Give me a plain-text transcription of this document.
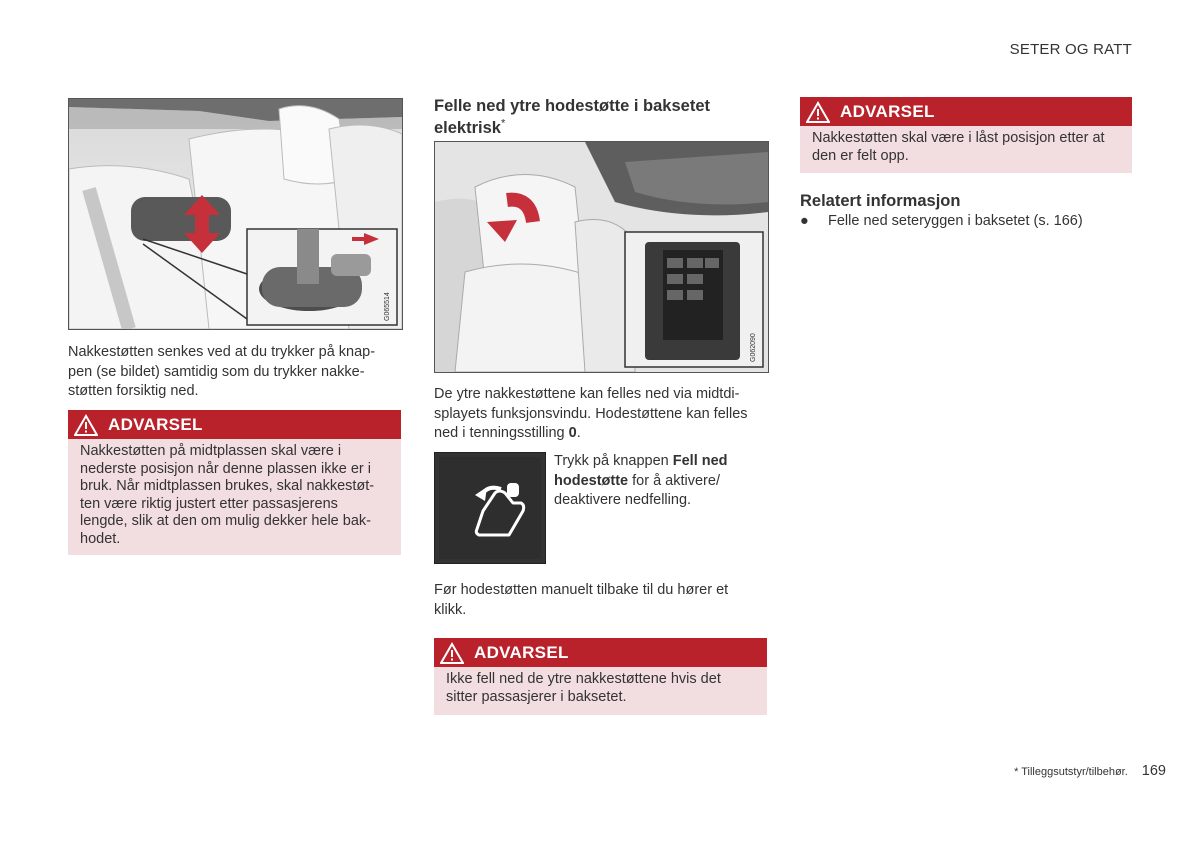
SETER OG RATT
G065514

Nakkestøtten senkes ved at du trykker på knap-

pen (se bildet) samtidig som du trykker nakke-

støtten forsiktig ned.

ADVARSEL
Nakkestøtten på midtplassen skal være i
nederste posisjon når denne plassen ikke er i
bruk. Når midtplassen brukes, skal nakkestøt-
ten være riktig justert etter passasjerens
lengde, slik at den om mulig dekker hele bak-
hodet.
Felle ned ytre hodestøtte i baksetet
elektrisk*
G062090

De ytre nakkestøttene kan felles ned via midtdi-

splayets funksjonsvindu. Hodestøttene kan felles

ned i tenningsstilling 0.

Trykk på knappen Fell ned
hodestøtte for å aktivere/
deaktivere nedfelling.

Før hodestøtten manuelt tilbake til du hører et

klikk.

ADVARSEL
Ikke fell ned de ytre nakkestøttene hvis det
sitter passasjerer i baksetet.
ADVARSEL
Nakkestøtten skal være i låst posisjon etter at
den er felt opp.
Relatert informasjon
●	Felle ned seteryggen i baksetet (s. 166)
* Tilleggsutstyr/tilbehør. 169
